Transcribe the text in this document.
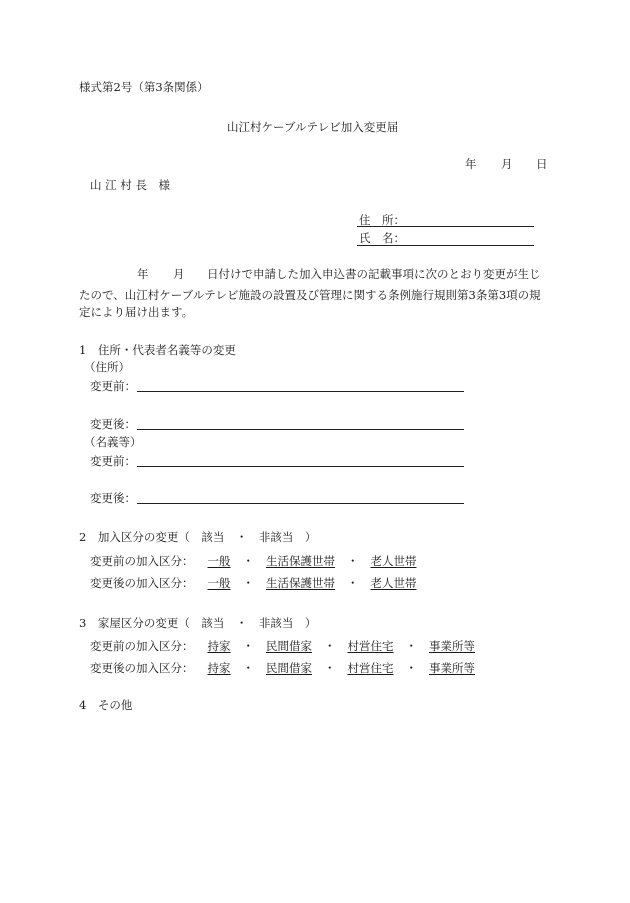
様式第2号（第3条関係）
山江村ケーブルテレビ加入変更届
年 月 日
山 江 村 長　様
住　所：
氏　名：
年 月 日付けで申請した加入申込書の記載事項に次のとおり変更が生じ
たので、山江村ケーブルテレビ施設の設置及び管理に関する条例施行規則第3条第3項の規
定により届け出ます。
1　住所・代表者名義等の変更
（住所）
変更前：
変更後：
（名義等）
変更前：
変更後：
2　加入区分の変更（　該当　・　非該当　）
変更前の加入区分： 一般 ・ 生活保護世帯 ・ 老人世帯
変更後の加入区分： 一般 ・ 生活保護世帯 ・ 老人世帯
3　家屋区分の変更（　該当　・　非該当　）
変更前の加入区分： 持家 ・ 民間借家 ・ 村営住宅 ・ 事業所等
変更後の加入区分： 持家 ・ 民間借家 ・ 村営住宅 ・ 事業所等
4　その他
